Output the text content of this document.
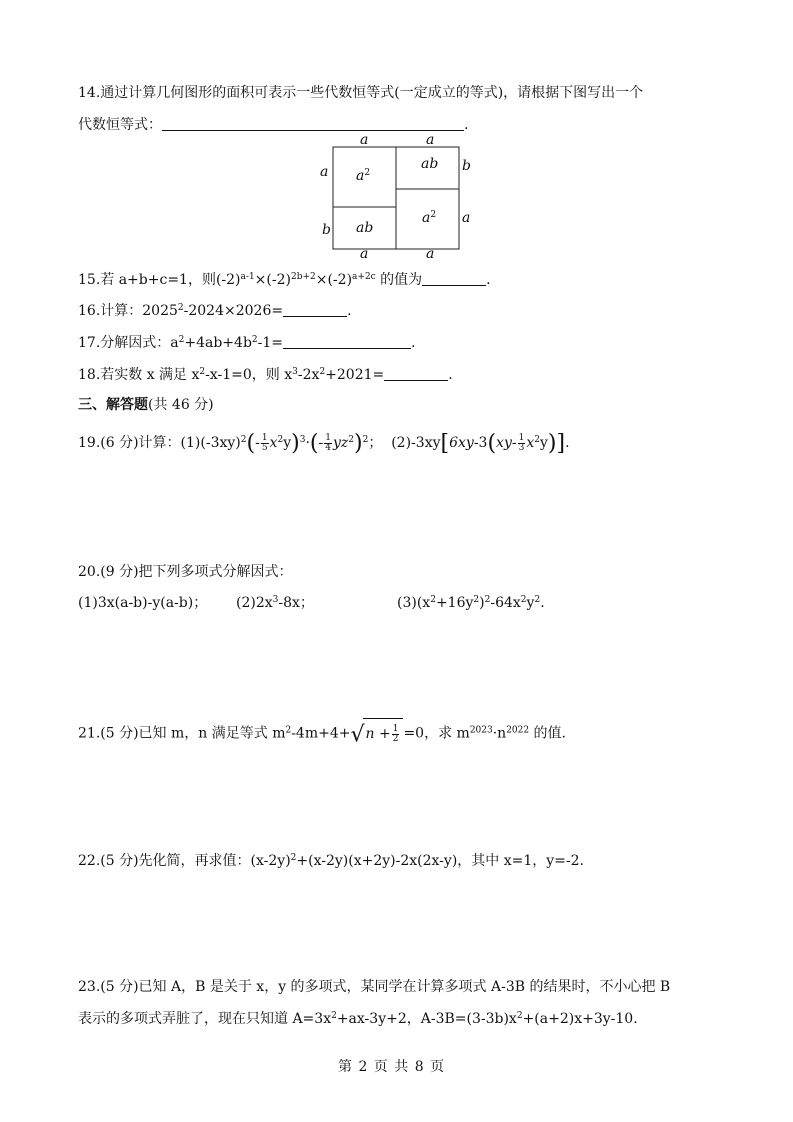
14.通过计算几何图形的面积可表示一些代数恒等式(一定成立的等式)，请根据下图写出一个
代数恒等式：	.
a	a
a
b
b
a
a	a
$a^2$
ab
ab
$a^2$
15.若 a+b+c=1，则$(-2)^{a-1}\times(-2)^{2b+2}\times(-2)^{a+2c}$ 的值为	.
16.计算：$2025^2-2024\times 2026=$	.
17.分解因式：$a^2+4ab+4b^2-1=$	.
18.若实数 x 满足 $x^2-x-1=0$，则 $x^3-2x^2+2021=$	.
三、解答题(共 46 分)
19.(6 分)计算：$(1)(-3xy)^2(- \frac{1}{5} x^2y)^3\cdot(- \frac{1}{4} yz^2)^2$； $(2)-3xy[6xy-3(xy- \frac{1}{3} x^2y)]$.
20.(9 分)把下列多项式分解因式：
(1)3x(a-b)-y(a-b)； $(2)2x^3-8x$；	$(3)(x^2+16y^2)^2-64x^2y^2$.
21.(5 分)已知 m，n 满足等式 $m^2-4m+4+√n + \frac{1}{2} =0$，求 $m^{2023}\cdot n^{2022}$ 的值.
22.(5 分)先化简，再求值：$(x-2y)^2+(x-2y)(x+2y)-2x(2x-y)$，其中 x=1，y=-2.
23.(5 分)已知 A，B 是关于 x，y 的多项式，某同学在计算多项式 A-3B 的结果时，不小心把 B
表示的多项式弄脏了，现在只知道 $A=3x^2+ax-3y+2$，$A-3B=(3-3b)x^2+(a+2)x+3y-10$.
第 2 页 共 8 页
